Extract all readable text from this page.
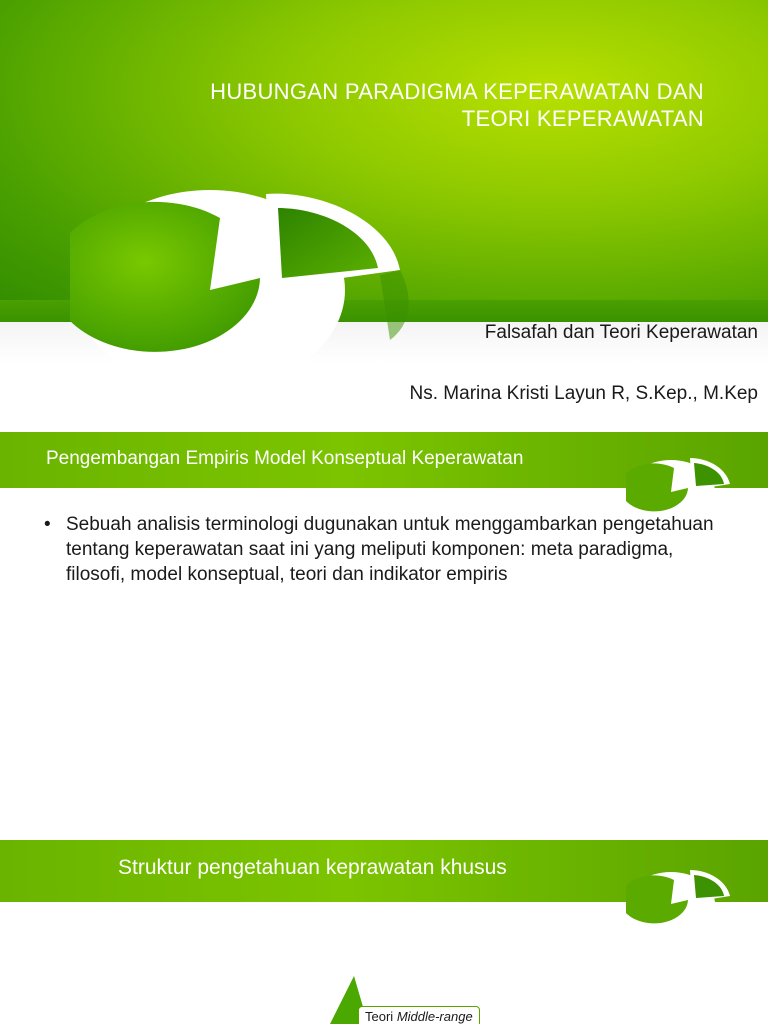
HUBUNGAN PARADIGMA KEPERAWATAN DAN
TEORI KEPERAWATAN
Falsafah dan Teori Keperawatan
Ns. Marina Kristi Layun R, S.Kep., M.Kep
Pengembangan Empiris Model Konseptual Keperawatan
• Sebuah analisis terminologi dugunakan untuk menggambarkan pengetahuan tentang keperawatan saat ini yang meliputi komponen: meta paradigma, filosofi, model konseptual, teori dan indikator empiris
Struktur pengetahuan keprawatan khusus
Teori Middle-range
